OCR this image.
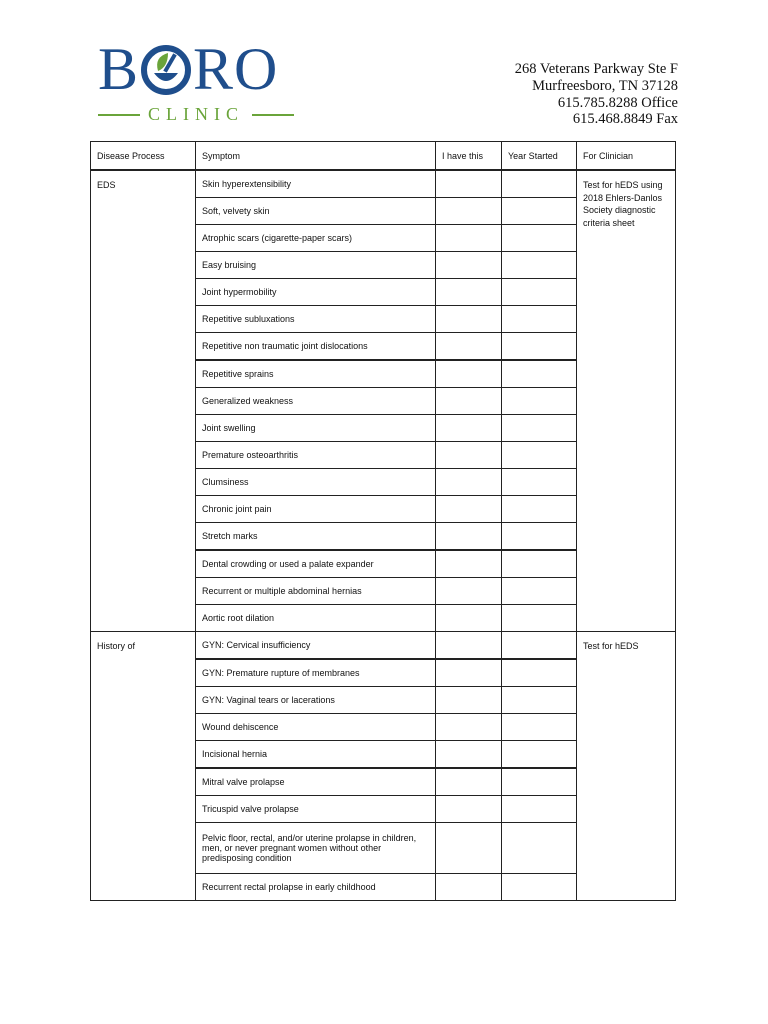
B RO
CLINIC
268 Veterans Parkway Ste F
Murfreesboro, TN 37128
615.785.8288 Office
615.468.8849 Fax
Disease Process	Symptom	I have this	Year Started	For Clinician
EDS	Skin hyperextensibility			Test for hEDS using 2018 Ehlers-Danlos Society diagnostic criteria sheet
	Soft, velvety skin			
	Atrophic scars (cigarette-paper scars)			
	Easy bruising			
	Joint hypermobility			
	Repetitive subluxations			
	Repetitive non traumatic joint dislocations			
	Repetitive sprains			
	Generalized weakness			
	Joint swelling			
	Premature osteoarthritis			
	Clumsiness			
	Chronic joint pain			
	Stretch marks			
	Dental crowding or used a palate expander			
	Recurrent or multiple abdominal hernias			
	Aortic root dilation			
History of	GYN: Cervical insufficiency			Test for hEDS
	GYN: Premature rupture of membranes			
	GYN: Vaginal tears or lacerations			
	Wound dehiscence			
	Incisional hernia			
	Mitral valve prolapse			
	Tricuspid valve prolapse			
	Pelvic floor, rectal, and/or uterine prolapse in children, men, or never pregnant women without other predisposing condition			
	Recurrent rectal prolapse in early childhood			
